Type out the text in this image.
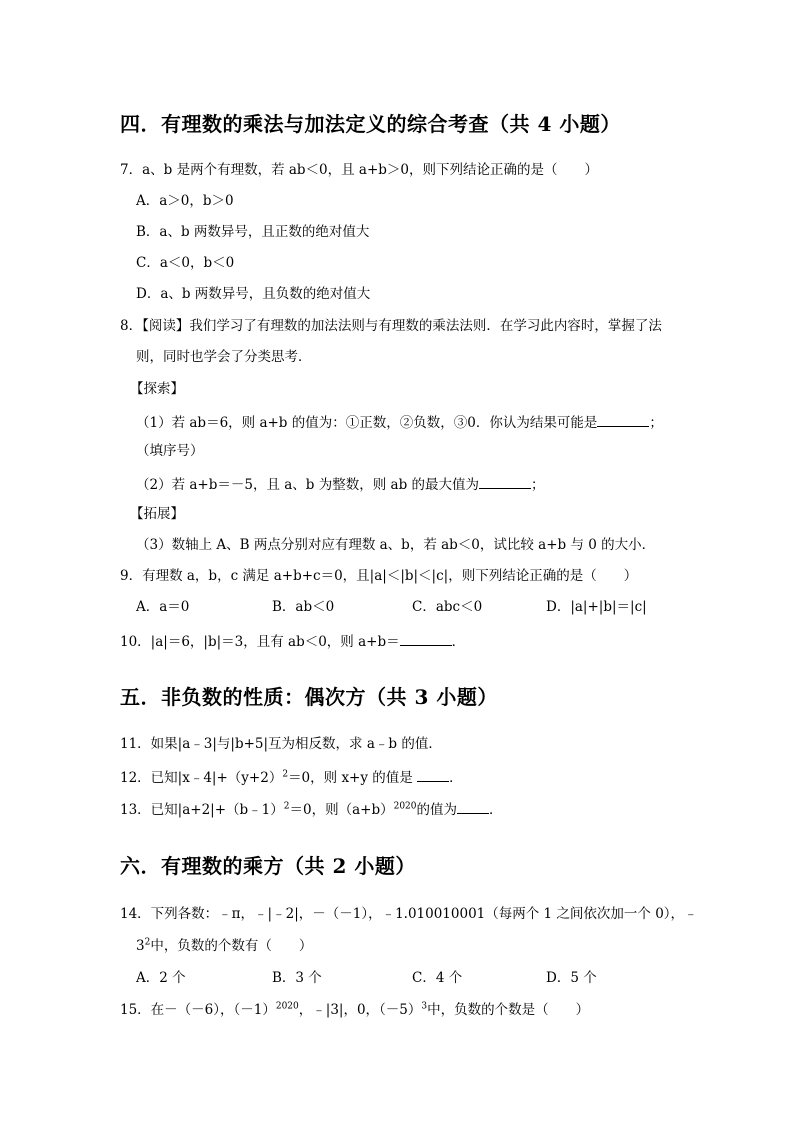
四．有理数的乘法与加法定义的综合考查（共 4 小题）
7．a、b 是两个有理数，若 ab＜0，且 a+b＞0，则下列结论正确的是（　　）
A．a＞0，b＞0
B．a、b 两数异号，且正数的绝对值大
C．a＜0，b＜0
D．a、b 两数异号，且负数的绝对值大
8．【阅读】我们学习了有理数的加法法则与有理数的乘法法则．在学习此内容时，掌握了法
则，同时也学会了分类思考．
【探索】
（1）若 ab＝6，则 a+b 的值为：①正数，②负数，③0．你认为结果可能是	；
（填序号）
（2）若 a+b＝－5，且 a、b 为整数，则 ab 的最大值为	；
【拓展】
（3）数轴上 A、B 两点分别对应有理数 a、b，若 ab＜0，试比较 a+b 与 0 的大小．
9．有理数 a，b，c 满足 a+b+c＝0，且|a|＜|b|＜|c|，则下列结论正确的是（　　）
A．a＝0	B．ab＜0	C．abc＜0	D．|a|+|b|＝|c|
10．|a|＝6，|b|＝3，且有 ab＜0，则 a+b＝	．
五．非负数的性质：偶次方（共 3 小题）
11．如果|a﹣3|与|b+5|互为相反数，求 a﹣b 的值．
12．已知$|x﹣4|+(y+2)^2=0$，则 x+y 的值是 ．
13．已知|a+2|+（b﹣1）$^2$＝0，则$(a+b)^{2020}$的值为 ．
六．有理数的乘方（共 2 小题）
14．下列各数：﹣π，﹣|﹣2|，－（－1），﹣1.010010001（每两个 1 之间依次加一个 0），﹣
$3^2$中，负数的个数有（　　）
A．2 个	B．3 个	C．4 个	D．5 个
15．在－（－6），$(-1)^{2020}$，﹣|3|，0，$(-5)^3$中，负数的个数是（　　）
